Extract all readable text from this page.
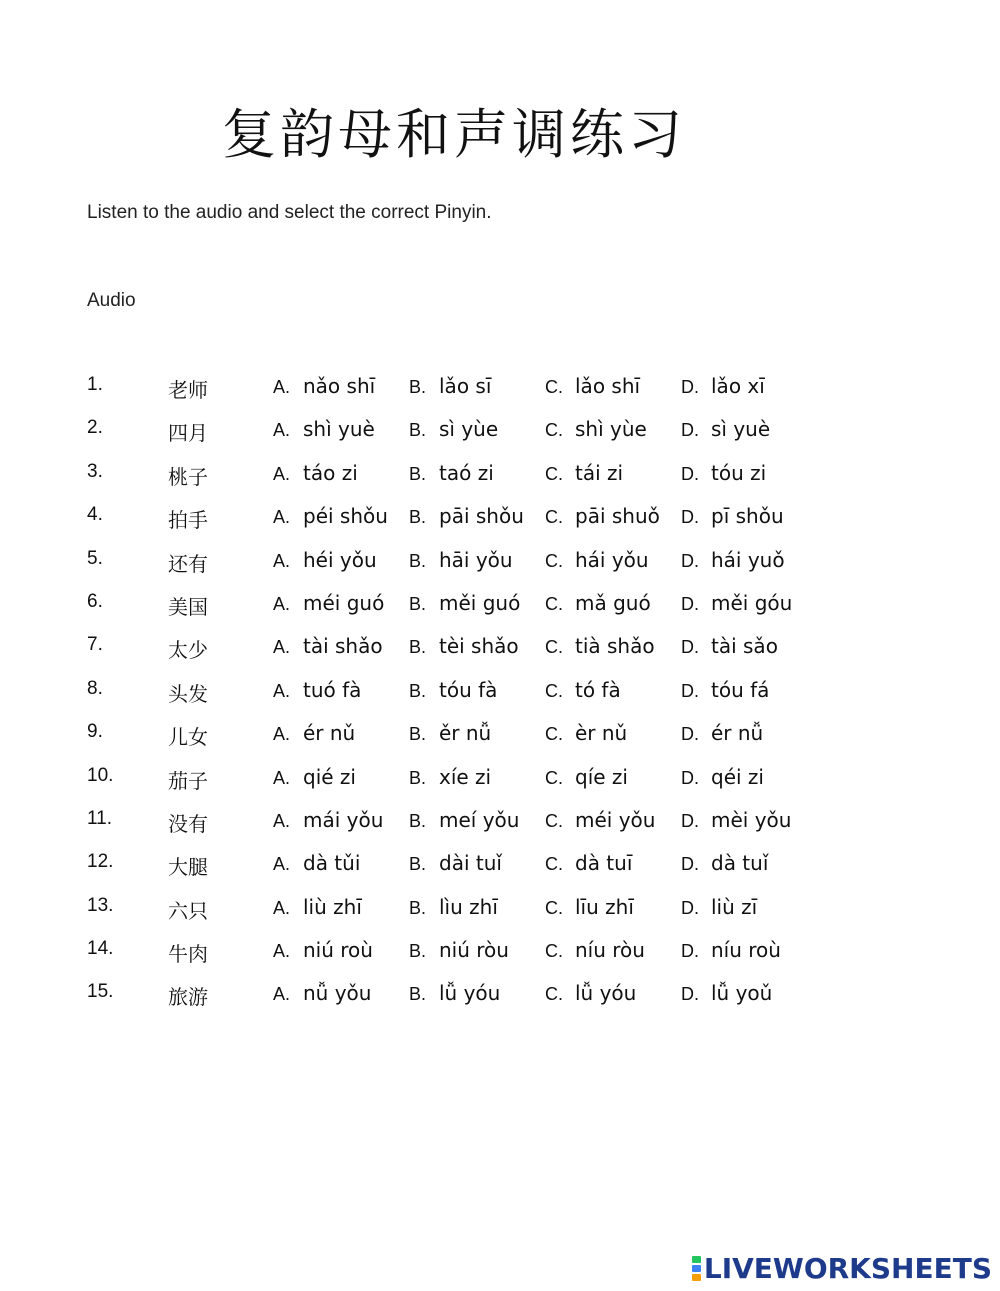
复韵母和声调练习
Listen to the audio and select the correct Pinyin.
Audio
1.	老师	A. nǎo shī B. lǎo sī	C. lǎo shī D. lǎo xī
2.	四月	A. shì yuè B. sì yùe	C. shì yùe D. sì yuè
3.	桃子	A. táo zi	B. taó zi	C. tái zi	D. tóu zi
4.	拍手	A. péi shǒu B. pāi shǒu C. pāi shuǒ D. pī shǒu
5.	还有	A. héi yǒu B. hāi yǒu C. hái yǒu D. hái yuǒ
6.	美国	A. méi guó B. měi guó C. mǎ guó D. měi góu
7.	太少	A. tài shǎo B. tèi shǎo C. tià shǎo D. tài sǎo
8.	头发	A. tuó fà	B. tóu fà	C. tó fà	D. tóu fá
9.	儿女	A. ér nǔ	B. ěr nǚ	C. èr nǔ	D. ér nǚ
10.	茄子	A. qié zi	B. xíe zi	C. qíe zi	D. qéi zi
11.	没有	A. mái yǒu B. meí yǒu C. méi yǒu D. mèi yǒu
12.	大腿	A. dà tǔi	B. dài tuǐ C. dà tuī	D. dà tuǐ
13.	六只	A. liù zhī	B. lìu zhī	C. līu zhī	D. liù zī
14.	牛肉	A. niú roù B. niú ròu C. níu ròu D. níu roù
15.	旅游	A. nǚ yǒu B. lǚ yóu C. lǚ yóu D. lǚ yoǔ
LIVEWORKSHEETS
